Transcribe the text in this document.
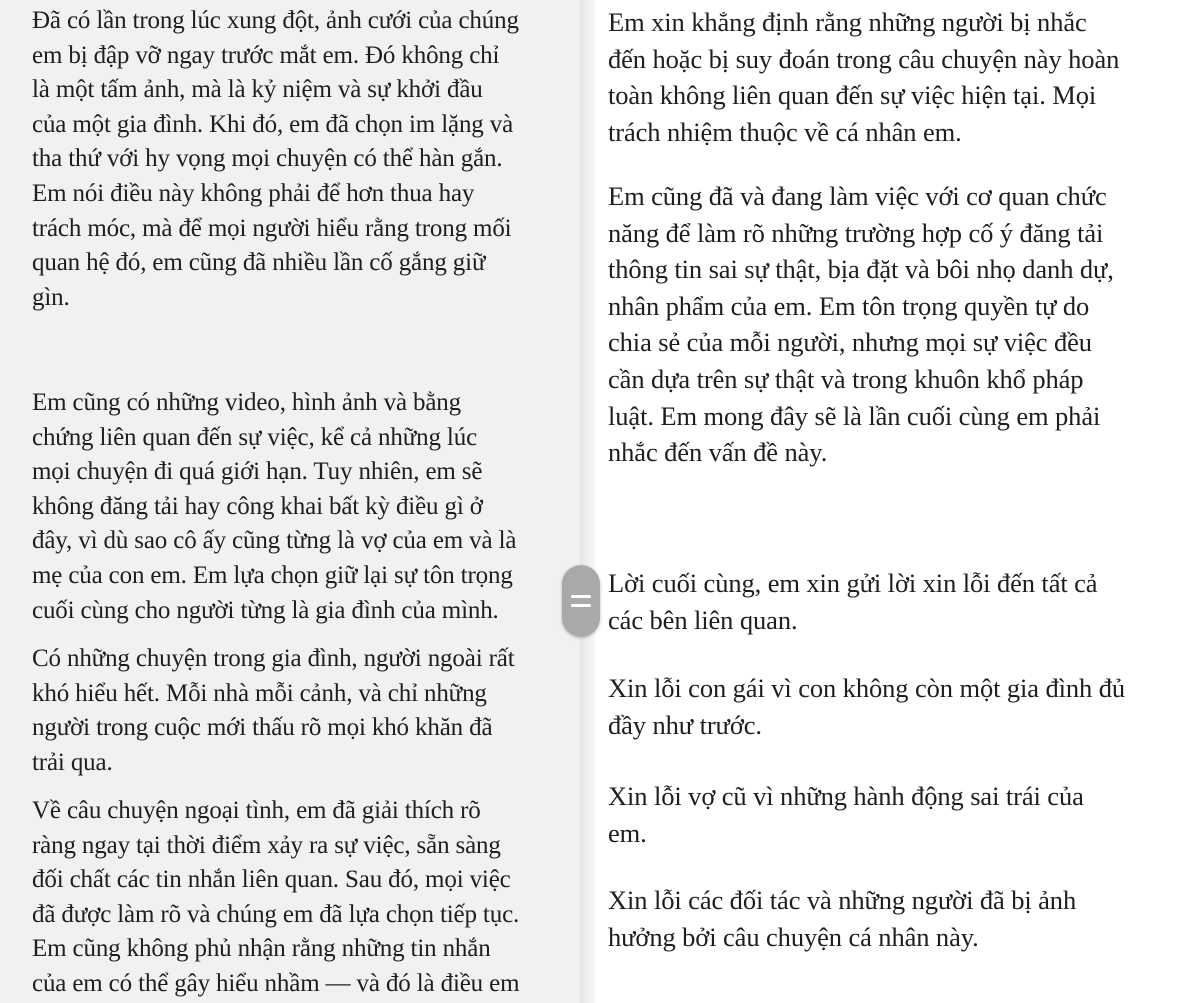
Đã có lần trong lúc xung đột, ảnh cưới của chúng
em bị đập vỡ ngay trước mắt em. Đó không chỉ
là một tấm ảnh, mà là kỷ niệm và sự khởi đầu
của một gia đình. Khi đó, em đã chọn im lặng và
tha thứ với hy vọng mọi chuyện có thể hàn gắn.
Em nói điều này không phải để hơn thua hay
trách móc, mà để mọi người hiểu rằng trong mối
quan hệ đó, em cũng đã nhiều lần cố gắng giữ
gìn.

Em cũng có những video, hình ảnh và bằng
chứng liên quan đến sự việc, kể cả những lúc
mọi chuyện đi quá giới hạn. Tuy nhiên, em sẽ
không đăng tải hay công khai bất kỳ điều gì ở
đây, vì dù sao cô ấy cũng từng là vợ của em và là
mẹ của con em. Em lựa chọn giữ lại sự tôn trọng
cuối cùng cho người từng là gia đình của mình.

Có những chuyện trong gia đình, người ngoài rất
khó hiểu hết. Mỗi nhà mỗi cảnh, và chỉ những
người trong cuộc mới thấu rõ mọi khó khăn đã
trải qua.

Về câu chuyện ngoại tình, em đã giải thích rõ
ràng ngay tại thời điểm xảy ra sự việc, sẵn sàng
đối chất các tin nhắn liên quan. Sau đó, mọi việc
đã được làm rõ và chúng em đã lựa chọn tiếp tục.
Em cũng không phủ nhận rằng những tin nhắn
của em có thể gây hiểu nhầm — và đó là điều em

Em xin khẳng định rằng những người bị nhắc
đến hoặc bị suy đoán trong câu chuyện này hoàn
toàn không liên quan đến sự việc hiện tại. Mọi
trách nhiệm thuộc về cá nhân em.

Em cũng đã và đang làm việc với cơ quan chức
năng để làm rõ những trường hợp cố ý đăng tải
thông tin sai sự thật, bịa đặt và bôi nhọ danh dự,
nhân phẩm của em. Em tôn trọng quyền tự do
chia sẻ của mỗi người, nhưng mọi sự việc đều
cần dựa trên sự thật và trong khuôn khổ pháp
luật. Em mong đây sẽ là lần cuối cùng em phải
nhắc đến vấn đề này.

Lời cuối cùng, em xin gửi lời xin lỗi đến tất cả
các bên liên quan.

Xin lỗi con gái vì con không còn một gia đình đủ
đầy như trước.

Xin lỗi vợ cũ vì những hành động sai trái của
em.

Xin lỗi các đối tác và những người đã bị ảnh
hưởng bởi câu chuyện cá nhân này.
